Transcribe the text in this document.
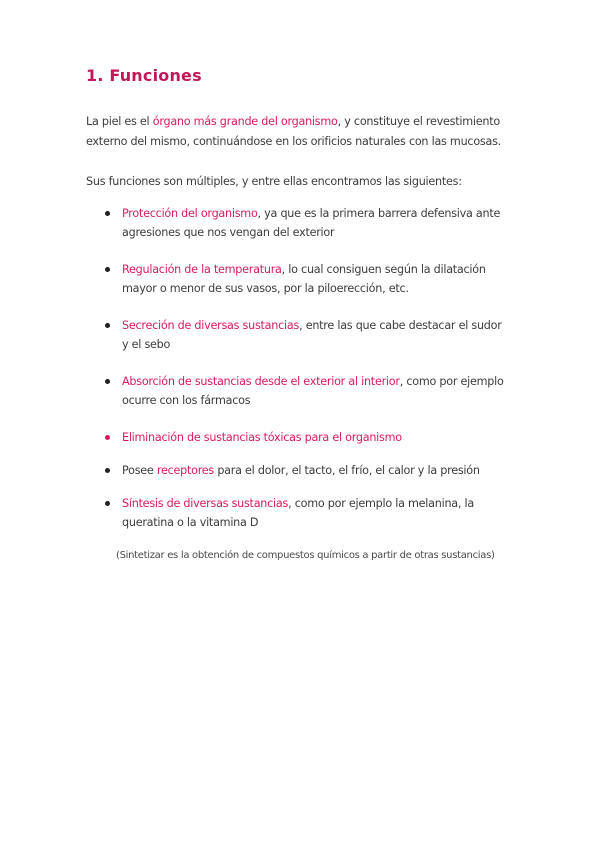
1. Funciones
La piel es el órgano más grande del organismo, y constituye el revestimiento externo del mismo, continuándose en los orificios naturales con las mucosas.
Sus funciones son múltiples, y entre ellas encontramos las siguientes:
Protección del organismo, ya que es la primera barrera defensiva ante agresiones que nos vengan del exterior
Regulación de la temperatura, lo cual consiguen según la dilatación mayor o menor de sus vasos, por la piloerección, etc.
Secreción de diversas sustancias, entre las que cabe destacar el sudor y el sebo
Absorción de sustancias desde el exterior al interior, como por ejemplo ocurre con los fármacos
Eliminación de sustancias tóxicas para el organismo
Posee receptores para el dolor, el tacto, el frío, el calor y la presión
Síntesis de diversas sustancias, como por ejemplo la melanina, la queratina o la vitamina D
(Sintetizar es la obtención de compuestos químicos a partir de otras sustancias)
